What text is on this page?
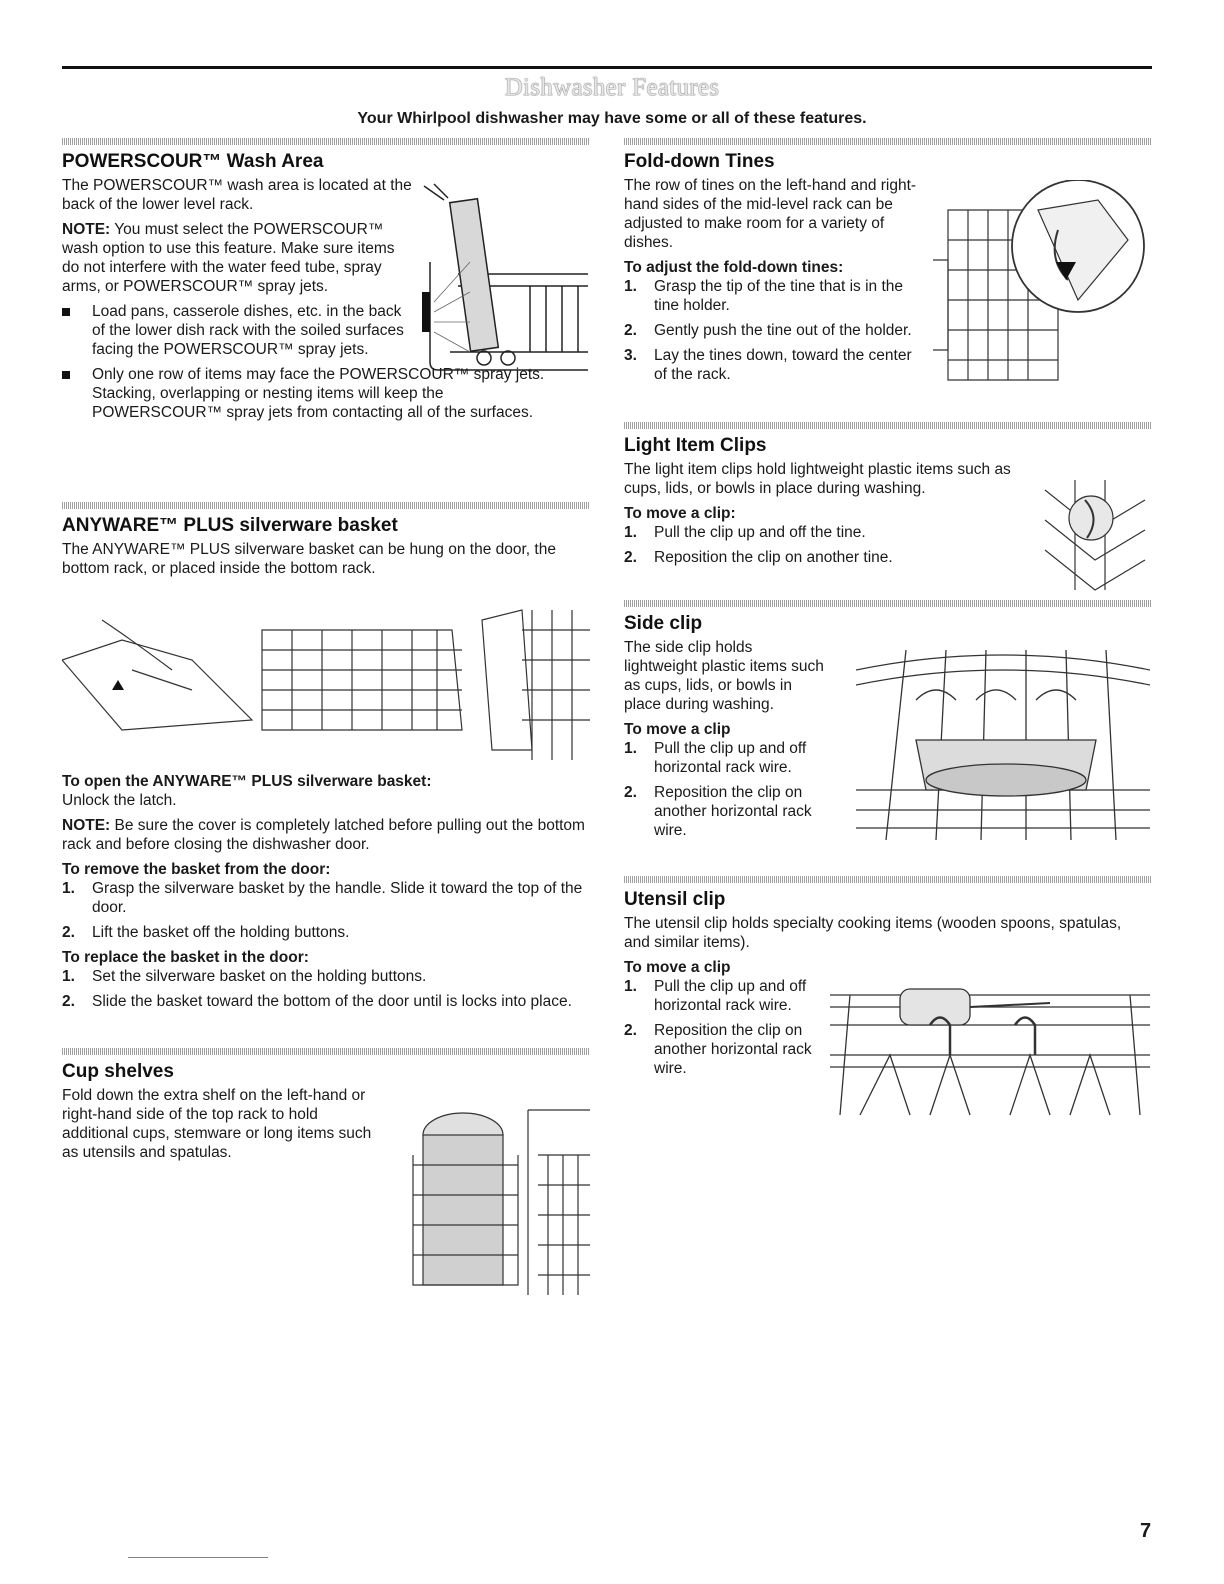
Dishwasher Features
Your Whirlpool dishwasher may have some or all of these features.
POWERSCOUR™ Wash Area

The POWERSCOUR™ wash area is located at the back of the lower level rack.

NOTE: You must select the POWERSCOUR™ wash option to use this feature. Make sure items do not interfere with the water feed tube, spray arms, or POWERSCOUR™ spray jets.

Load pans, casserole dishes, etc. in the back of the lower dish rack with the soiled surfaces facing the POWERSCOUR™ spray jets.
Only one row of items may face the POWERSCOUR™ spray jets. Stacking, overlapping or nesting items will keep the POWERSCOUR™ spray jets from contacting all of the surfaces.
ANYWARE™ PLUS silverware basket

The ANYWARE™ PLUS silverware basket can be hung on the door, the bottom rack, or placed inside the bottom rack.

To open the ANYWARE™ PLUS silverware basket:

Unlock the latch.

NOTE: Be sure the cover is completely latched before pulling out the bottom rack and before closing the dishwasher door.

To remove the basket from the door:
1. Grasp the silverware basket by the handle. Slide it toward the top of the door.
2. Lift the basket off the holding buttons.
To replace the basket in the door:
1. Set the silverware basket on the holding buttons.
2. Slide the basket toward the bottom of the door until is locks into place.
Cup shelves

Fold down the extra shelf on the left-hand or right-hand side of the top rack to hold additional cups, stemware or long items such as utensils and spatulas.

Fold-down Tines

The row of tines on the left-hand and right-hand sides of the mid-level rack can be adjusted to make room for a variety of dishes.

To adjust the fold-down tines:
1. Grasp the tip of the tine that is in the tine holder.
2. Gently push the tine out of the holder.
3. Lay the tines down, toward the center of the rack.
Light Item Clips

The light item clips hold lightweight plastic items such as cups, lids, or bowls in place during washing.

To move a clip:
1. Pull the clip up and off the tine.
2. Reposition the clip on another tine.
Side clip

The side clip holds lightweight plastic items such as cups, lids, or bowls in place during washing.

To move a clip
1. Pull the clip up and off horizontal rack wire.
2. Reposition the clip on another horizontal rack wire.
Utensil clip

The utensil clip holds specialty cooking items (wooden spoons, spatulas, and similar items).

To move a clip
1. Pull the clip up and off horizontal rack wire.
2. Reposition the clip on another horizontal rack wire.
7
